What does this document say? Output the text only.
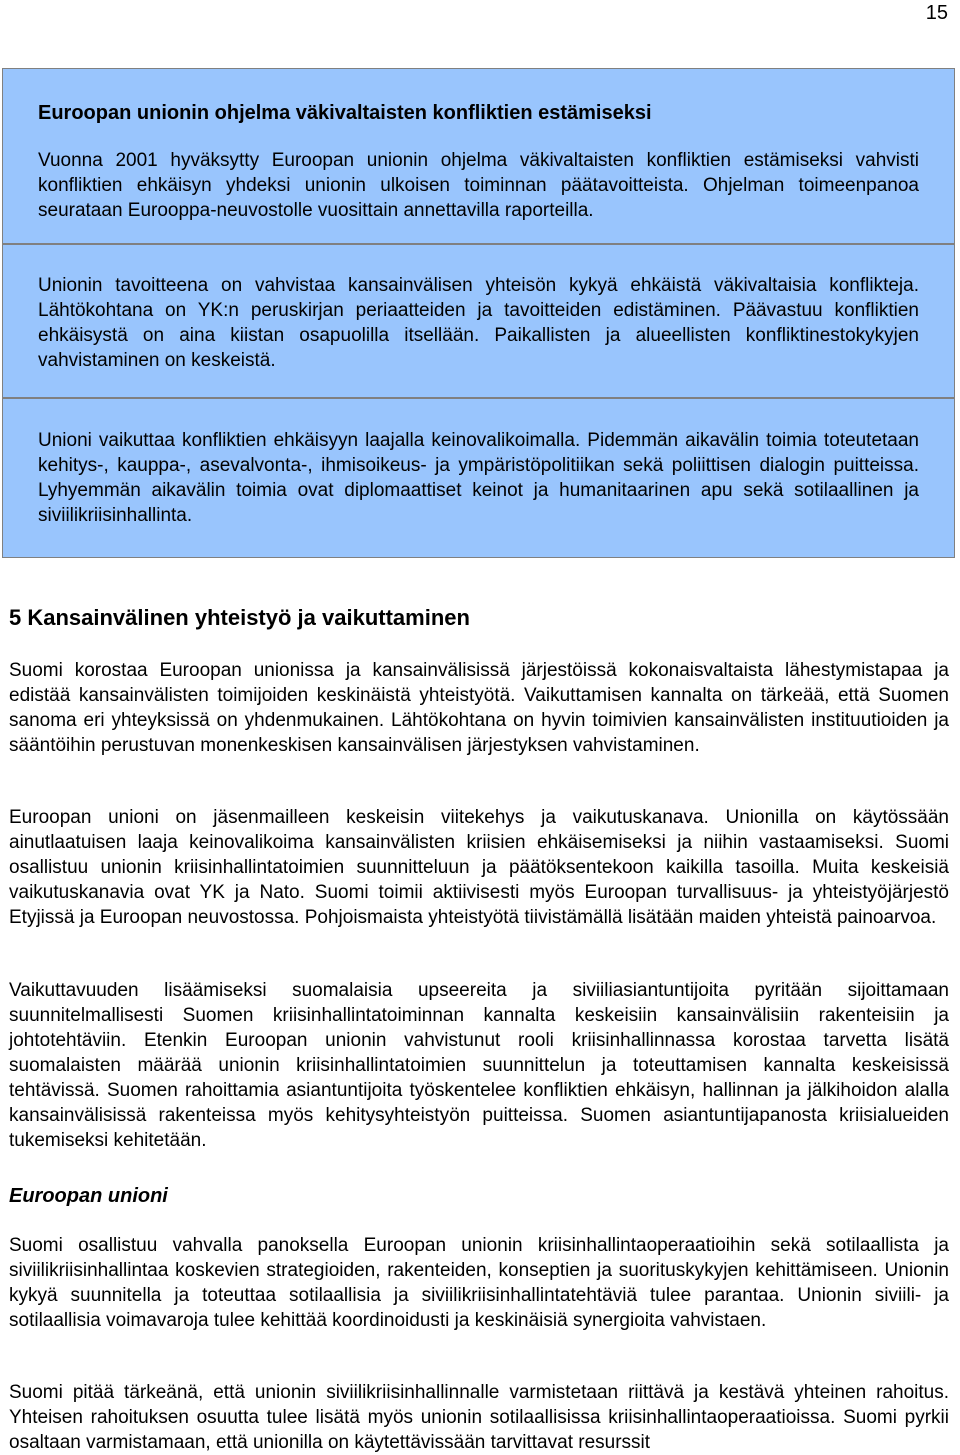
15
Euroopan unionin ohjelma väkivaltaisten konfliktien estämiseksi

Vuonna 2001 hyväksytty Euroopan unionin ohjelma väkivaltaisten konfliktien estämiseksi vahvisti konfliktien ehkäisyn yhdeksi unionin ulkoisen toiminnan päätavoitteista. Ohjelman toimeenpanoa seurataan Eurooppa-neuvostolle vuosittain annettavilla raporteilla.

Unionin tavoitteena on vahvistaa kansainvälisen yhteisön kykyä ehkäistä väkivaltaisia konflikteja. Lähtökohtana on YK:n peruskirjan periaatteiden ja tavoitteiden edistäminen. Päävastuu konfliktien ehkäisystä on aina kiistan osapuolilla itsellään. Paikallisten ja alueellisten konfliktinestokykyjen vahvistaminen on keskeistä.

Unioni vaikuttaa konfliktien ehkäisyyn laajalla keinovalikoimalla. Pidemmän aikavälin toimia toteutetaan kehitys-, kauppa-, asevalvonta-, ihmisoikeus- ja ympäristöpolitiikan sekä poliittisen dialogin puitteissa. Lyhyemmän aikavälin toimia ovat diplomaattiset keinot ja humanitaarinen apu sekä sotilaallinen ja siviilikriisinhallinta.

5 Kansainvälinen yhteistyö ja vaikuttaminen

Suomi korostaa Euroopan unionissa ja kansainvälisissä järjestöissä kokonaisvaltaista lähestymistapaa ja edistää kansainvälisten toimijoiden keskinäistä yhteistyötä. Vaikuttamisen kannalta on tärkeää, että Suomen sanoma eri yhteyksissä on yhdenmukainen. Lähtökohtana on hyvin toimivien kansainvälisten instituutioiden ja sääntöihin perustuvan monenkeskisen kansainvälisen järjestyksen vahvistaminen.

Euroopan unioni on jäsenmailleen keskeisin viitekehys ja vaikutuskanava. Unionilla on käytössään ainutlaatuisen laaja keinovalikoima kansainvälisten kriisien ehkäisemiseksi ja niihin vastaamiseksi. Suomi osallistuu unionin kriisinhallintatoimien suunnitteluun ja päätöksentekoon kaikilla tasoilla. Muita keskeisiä vaikutuskanavia ovat YK ja Nato. Suomi toimii aktiivisesti myös Euroopan turvallisuus- ja yhteistyöjärjestö Etyjissä ja Euroopan neuvostossa. Pohjoismaista yhteistyötä tiivistämällä lisätään maiden yhteistä painoarvoa.

Vaikuttavuuden lisäämiseksi suomalaisia upseereita ja siviiliasiantuntijoita pyritään sijoittamaan suunnitelmallisesti Suomen kriisinhallintatoiminnan kannalta keskeisiin kansainvälisiin rakenteisiin ja johtotehtäviin. Etenkin Euroopan unionin vahvistunut rooli kriisinhallinnassa korostaa tarvetta lisätä suomalaisten määrää unionin kriisinhallintatoimien suunnittelun ja toteuttamisen kannalta keskeisissä tehtävissä. Suomen rahoittamia asiantuntijoita työskentelee konfliktien ehkäisyn, hallinnan ja jälkihoidon alalla kansainvälisissä rakenteissa myös kehitysyhteistyön puitteissa. Suomen asiantuntijapanosta kriisialueiden tukemiseksi kehitetään.

Euroopan unioni

Suomi osallistuu vahvalla panoksella Euroopan unionin kriisinhallintaoperaatioihin sekä sotilaallista ja siviilikriisinhallintaa koskevien strategioiden, rakenteiden, konseptien ja suorituskykyjen kehittämiseen. Unionin kykyä suunnitella ja toteuttaa sotilaallisia ja siviilikriisinhallintatehtäviä tulee parantaa. Unionin siviili- ja sotilaallisia voimavaroja tulee kehittää koordinoidusti ja keskinäisiä synergioita vahvistaen.

Suomi pitää tärkeänä, että unionin siviilikriisinhallinnalle varmistetaan riittävä ja kestävä yhteinen rahoitus. Yhteisen rahoituksen osuutta tulee lisätä myös unionin sotilaallisissa kriisinhallintaoperaatioissa. Suomi pyrkii osaltaan varmistamaan, että unionilla on käytettävissään tarvittavat resurssit
